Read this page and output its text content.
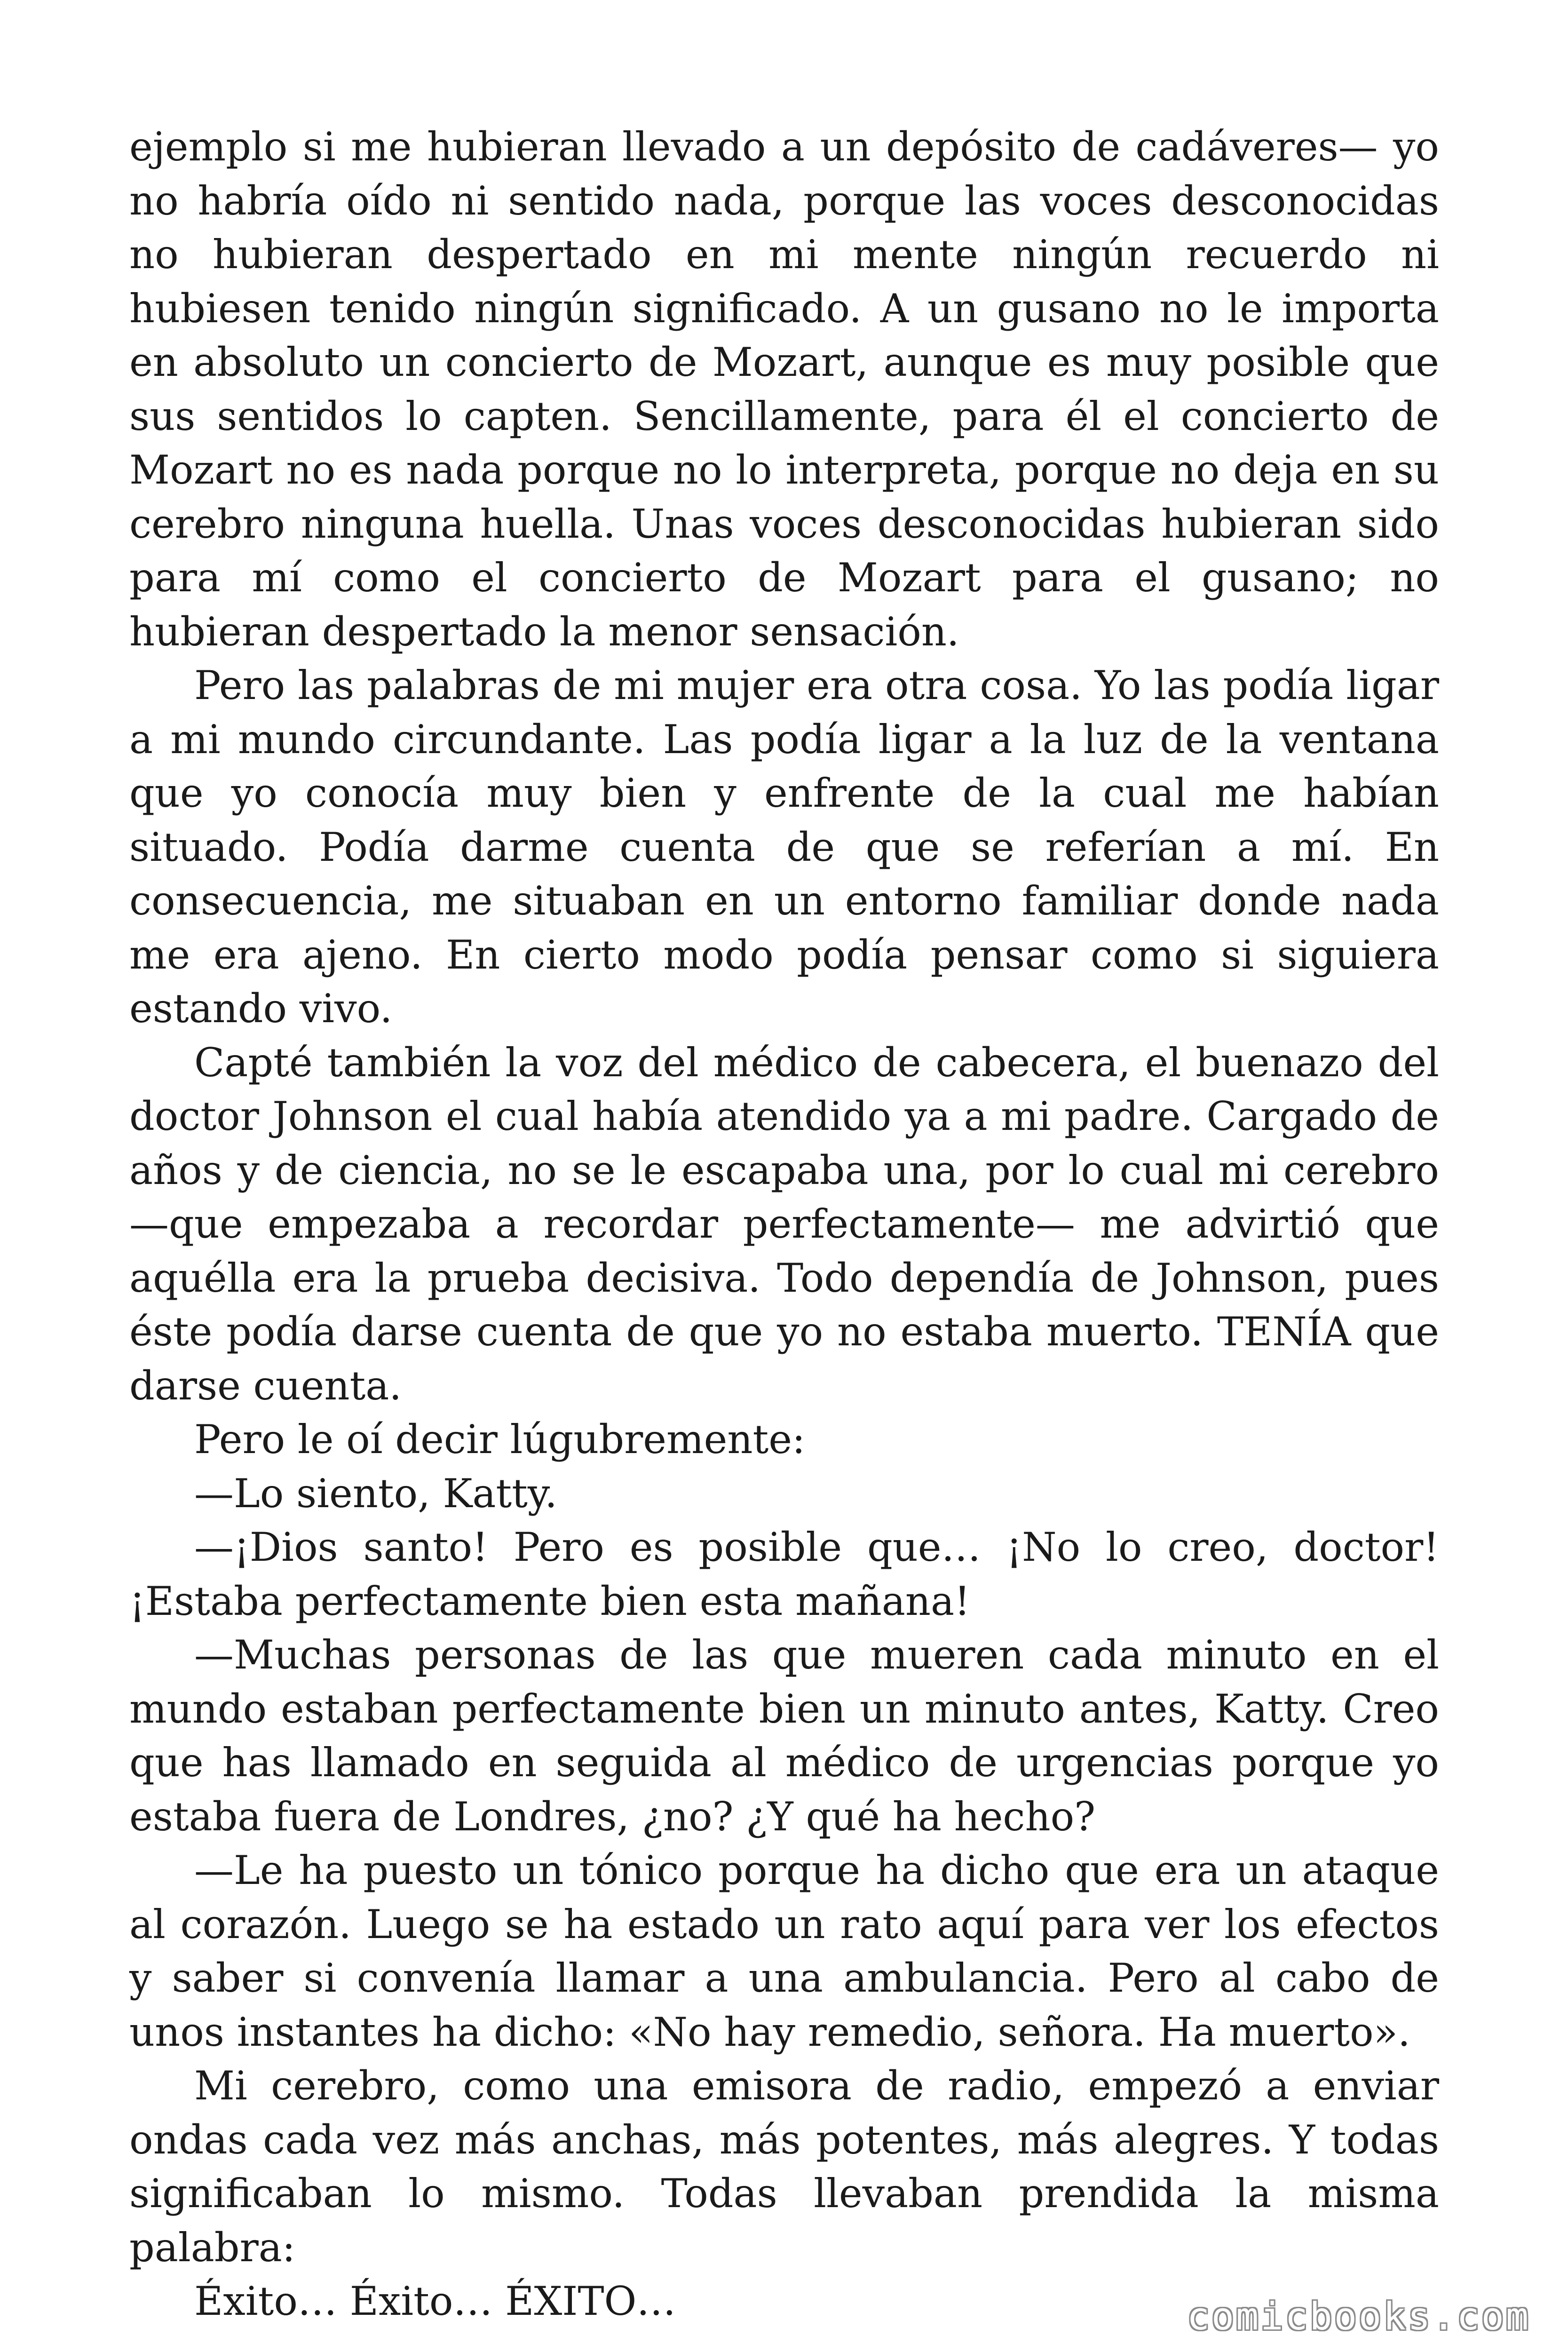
ejemplo si me hubieran llevado a un depósito de cadáveres— yo no habría oído ni sentido nada, porque las voces desconocidas no hubieran despertado en mi mente ningún recuerdo ni hubiesen tenido ningún significado. A un gusano no le importa en absoluto un concierto de Mozart, aunque es muy posible que sus sentidos lo capten. Sencillamente, para él el concierto de Mozart no es nada porque no lo interpreta, porque no deja en su cerebro ninguna huella. Unas voces desconocidas hubieran sido para mí como el concierto de Mozart para el gusano; no hubieran despertado la menor sensación.

Pero las palabras de mi mujer era otra cosa. Yo las podía ligar a mi mundo circundante. Las podía ligar a la luz de la ventana que yo conocía muy bien y enfrente de la cual me habían situado. Podía darme cuenta de que se referían a mí. En consecuencia, me situaban en un entorno familiar donde nada me era ajeno. En cierto modo podía pensar como si siguiera estando vivo.

Capté también la voz del médico de cabecera, el buenazo del doctor Johnson el cual había atendido ya a mi padre. Cargado de años y de ciencia, no se le escapaba una, por lo cual mi cerebro —que empezaba a recordar perfectamente— me advirtió que aquélla era la prueba decisiva. Todo dependía de Johnson, pues éste podía darse cuenta de que yo no estaba muerto. TENÍA que darse cuenta.

Pero le oí decir lúgubremente:

—Lo siento, Katty.

—¡Dios santo! Pero es posible que… ¡No lo creo, doctor! ¡Estaba perfectamente bien esta mañana!

—Muchas personas de las que mueren cada minuto en el mundo estaban perfectamente bien un minuto antes, Katty. Creo que has llamado en seguida al médico de urgencias porque yo estaba fuera de Londres, ¿no? ¿Y qué ha hecho?

—Le ha puesto un tónico porque ha dicho que era un ataque al corazón. Luego se ha estado un rato aquí para ver los efectos y saber si convenía llamar a una ambulancia. Pero al cabo de unos instantes ha dicho: «No hay remedio, señora. Ha muerto».

Mi cerebro, como una emisora de radio, empezó a enviar ondas cada vez más anchas, más potentes, más alegres. Y todas significaban lo mismo. Todas llevaban prendida la misma palabra:

Éxito… Éxito… ÉXITO…	comicbooks.com
